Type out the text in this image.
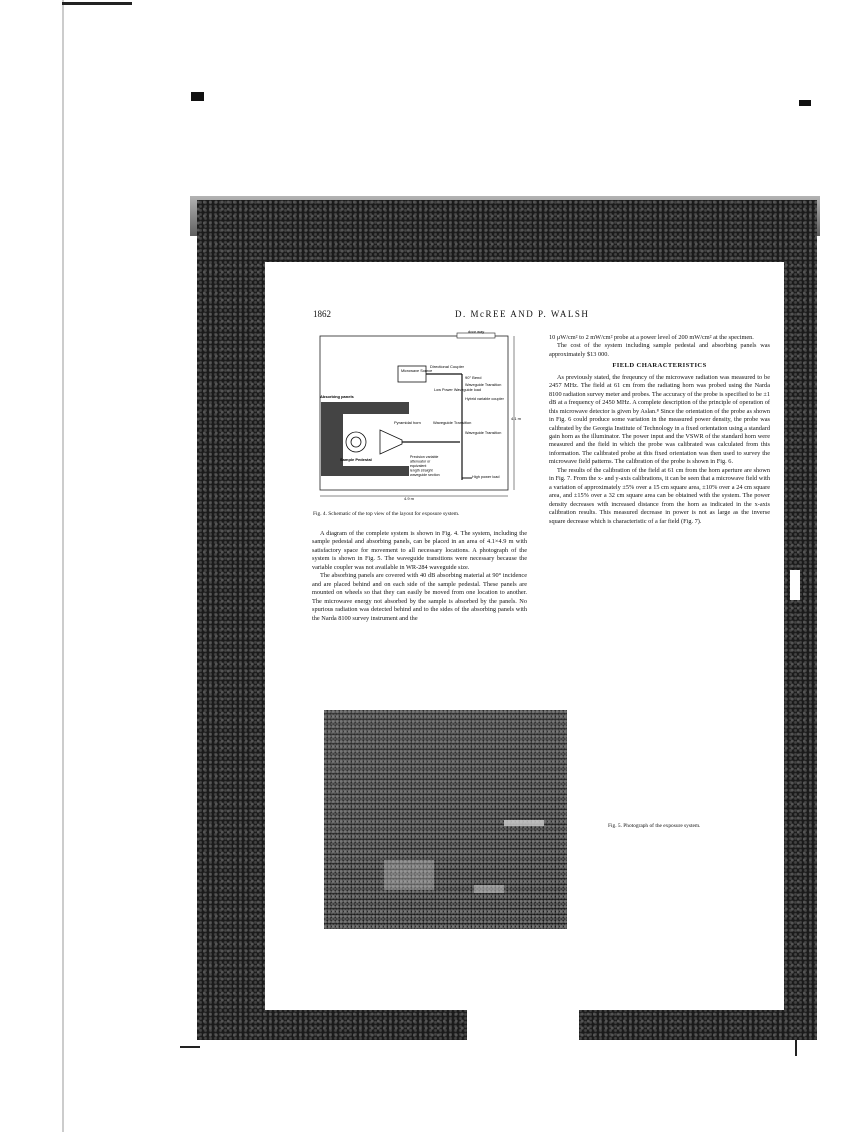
1862	D. McREE AND P. WALSH
door way
Absorbing panels
Sample Pedestal
Pyramidal horn	Waveguide Transition
Microwave Source
Directional Coupler
90° Bend
Waveguide Transition
Low Power Waveguide load
Hybrid variable coupler
Waveguide Transition
Precision variable attenuator or equivalent length straight waveguide section	High power load
4.9 m
4.1 m
Fig. 4. Schematic of the top view of the layout for exposure system.

A diagram of the complete system is shown in Fig. 4. The system, including the sample pedestal and absorbing panels, can be placed in an area of 4.1×4.9 m with satisfactory space for movement to all necessary locations. A photograph of the system is shown in Fig. 5. The waveguide transitions were necessary because the variable coupler was not available in WR-284 waveguide size.

The absorbing panels are covered with 40 dB absorbing material at 90° incidence and are placed behind and on each side of the sample pedestal. These panels are mounted on wheels so that they can easily be moved from one location to another. The microwave energy not absorbed by the sample is absorbed by the panels. No spurious radiation was detected behind and to the sides of the absorbing panels with the Narda 8100 survey instrument and the

10 μW/cm² to 2 mW/cm² probe at a power level of 200 mW/cm² at the specimen.

The cost of the system including sample pedestal and absorbing panels was approximately $13 000.

FIELD CHARACTERISTICS

As previously stated, the freqeuncy of the microwave radiation was measured to be 2457 MHz. The field at 61 cm from the radiating horn was probed using the Narda 8100 radiation survey meter and probes. The accuracy of the probe is specified to be ±1 dB at a frequency of 2450 MHz. A complete description of the principle of operation of this microwave detector is given by Aslan.⁸ Since the orientation of the probe as shown in Fig. 6 could produce some variation in the measured power density, the probe was calibrated by the Georgia Institute of Technology in a fixed orientation using a standard gain horn as the illuminator. The power input and the VSWR of the standard horn were measured and the field in which the probe was calibrated was calculated from this information. The calibrated probe at this fixed orientation was then used to survey the microwave field patterns. The calibration of the probe is shown in Fig. 6.

The results of the calibration of the field at 61 cm from the horn aperture are shown in Fig. 7. From the x- and y-axis calibrations, it can be seen that a microwave field with a variation of approximately ±5% over a 15 cm square area, ±10% over a 24 cm square area, and ±15% over a 32 cm square area can be obtained with the system. The power density decreases with increased distance from the horn as indicated in the x-axis calibration results. This measured decrease in power is not as large as the inverse square decrease which is characteristic of a far field (Fig. 7).

Fig. 5. Photograph of the exposure system.
